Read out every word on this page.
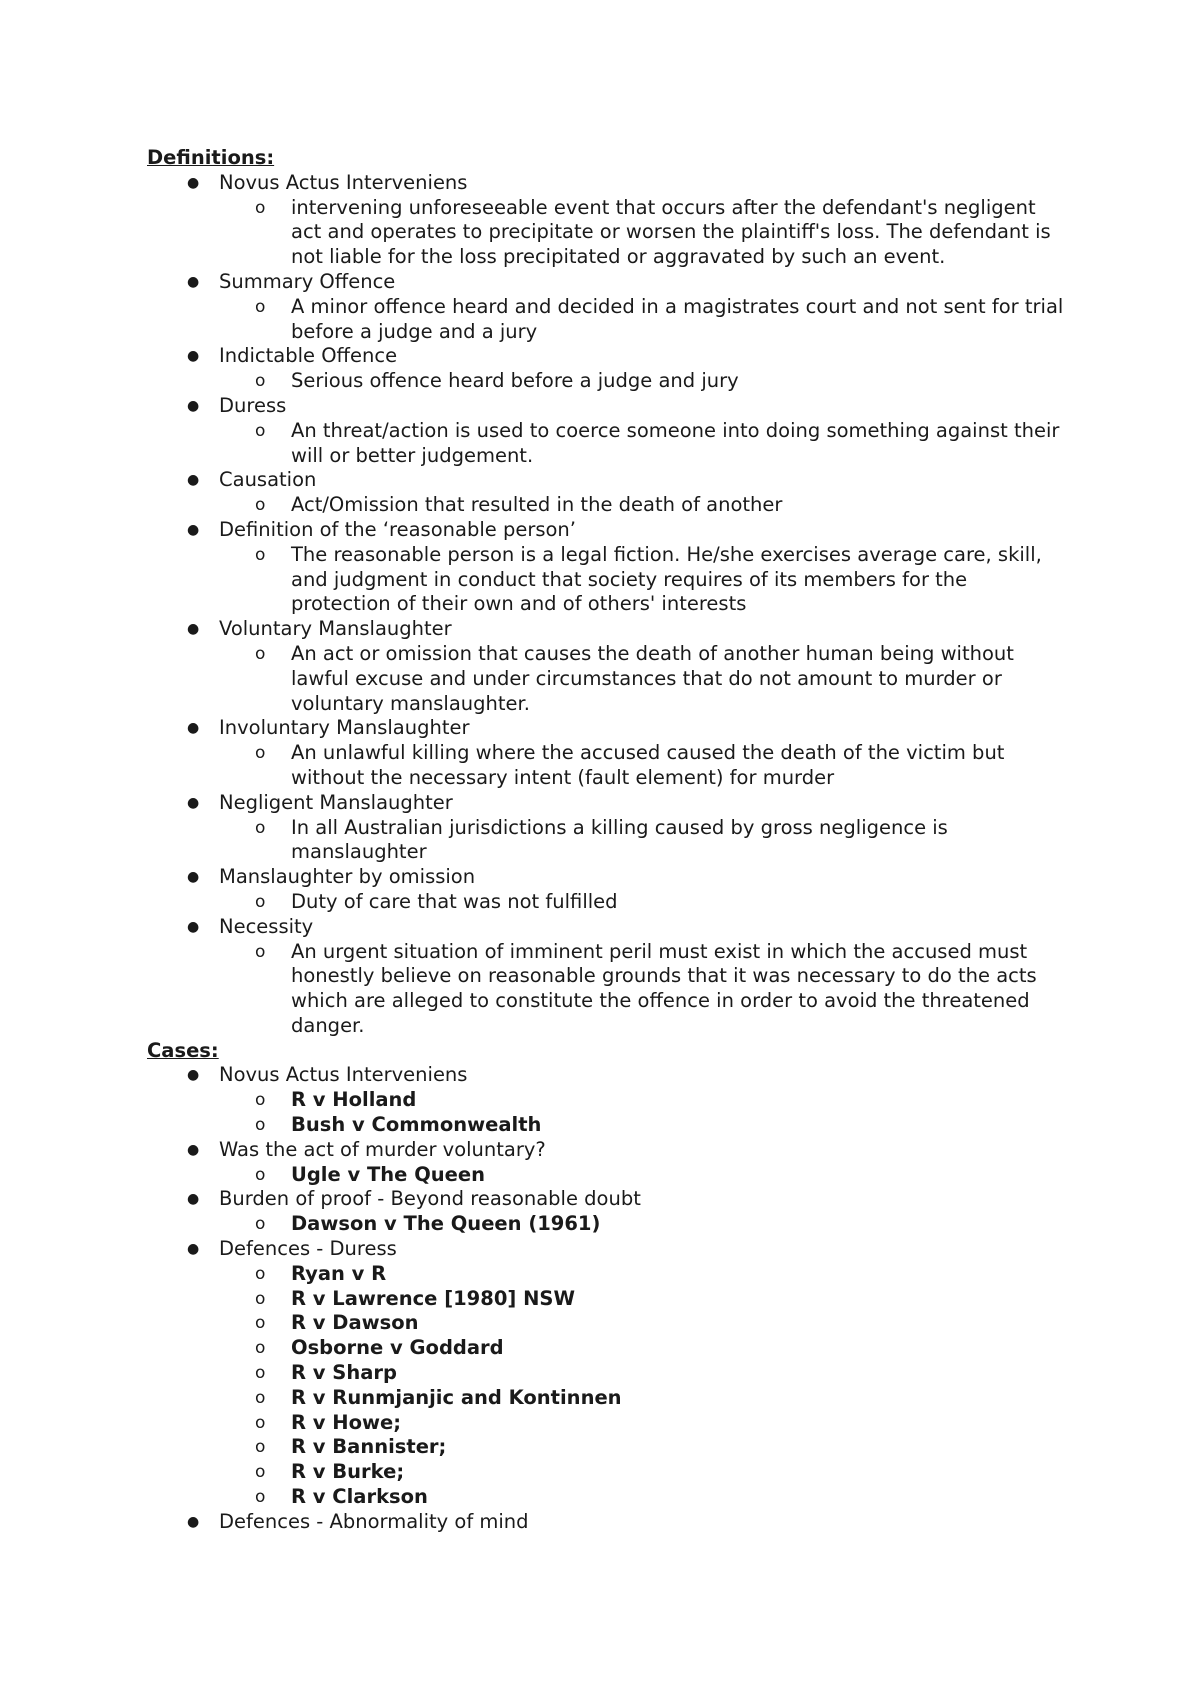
Definitions:

● Novus Actus Interveniens
o intervening unforeseeable event that occurs after the defendant's negligent act and operates to precipitate or worsen the plaintiff's loss. The defendant is not liable for the loss precipitated or aggravated by such an event.
● Summary Offence
o A minor offence heard and decided in a magistrates court and not sent for trial before a judge and a jury
● Indictable Offence
o Serious offence heard before a judge and jury
● Duress
o An threat/action is used to coerce someone into doing something against their will or better judgement.
● Causation
o Act/Omission that resulted in the death of another
● Definition of the ‘reasonable person’
o The reasonable person is a legal fiction. He/she exercises average care, skill, and judgment in conduct that society requires of its members for the protection of their own and of others' interests
● Voluntary Manslaughter
o An act or omission that causes the death of another human being without lawful excuse and under circumstances that do not amount to murder or voluntary manslaughter.
● Involuntary Manslaughter
o An unlawful killing where the accused caused the death of the victim but without the necessary intent (fault element) for murder
● Negligent Manslaughter
o In all Australian jurisdictions a killing caused by gross negligence is manslaughter
● Manslaughter by omission
o Duty of care that was not fulfilled
● Necessity
o An urgent situation of imminent peril must exist in which the accused must honestly believe on reasonable grounds that it was necessary to do the acts which are alleged to constitute the offence in order to avoid the threatened danger.

Cases:

● Novus Actus Interveniens
o R v Holland
o Bush v Commonwealth
● Was the act of murder voluntary?
o Ugle v The Queen
● Burden of proof - Beyond reasonable doubt
o Dawson v The Queen (1961)
● Defences - Duress
o Ryan v R
o R v Lawrence [1980] NSW
o R v Dawson
o Osborne v Goddard
o R v Sharp
o R v Runmjanjic and Kontinnen
o R v Howe;
o R v Bannister;
o R v Burke;
o R v Clarkson
● Defences - Abnormality of mind
